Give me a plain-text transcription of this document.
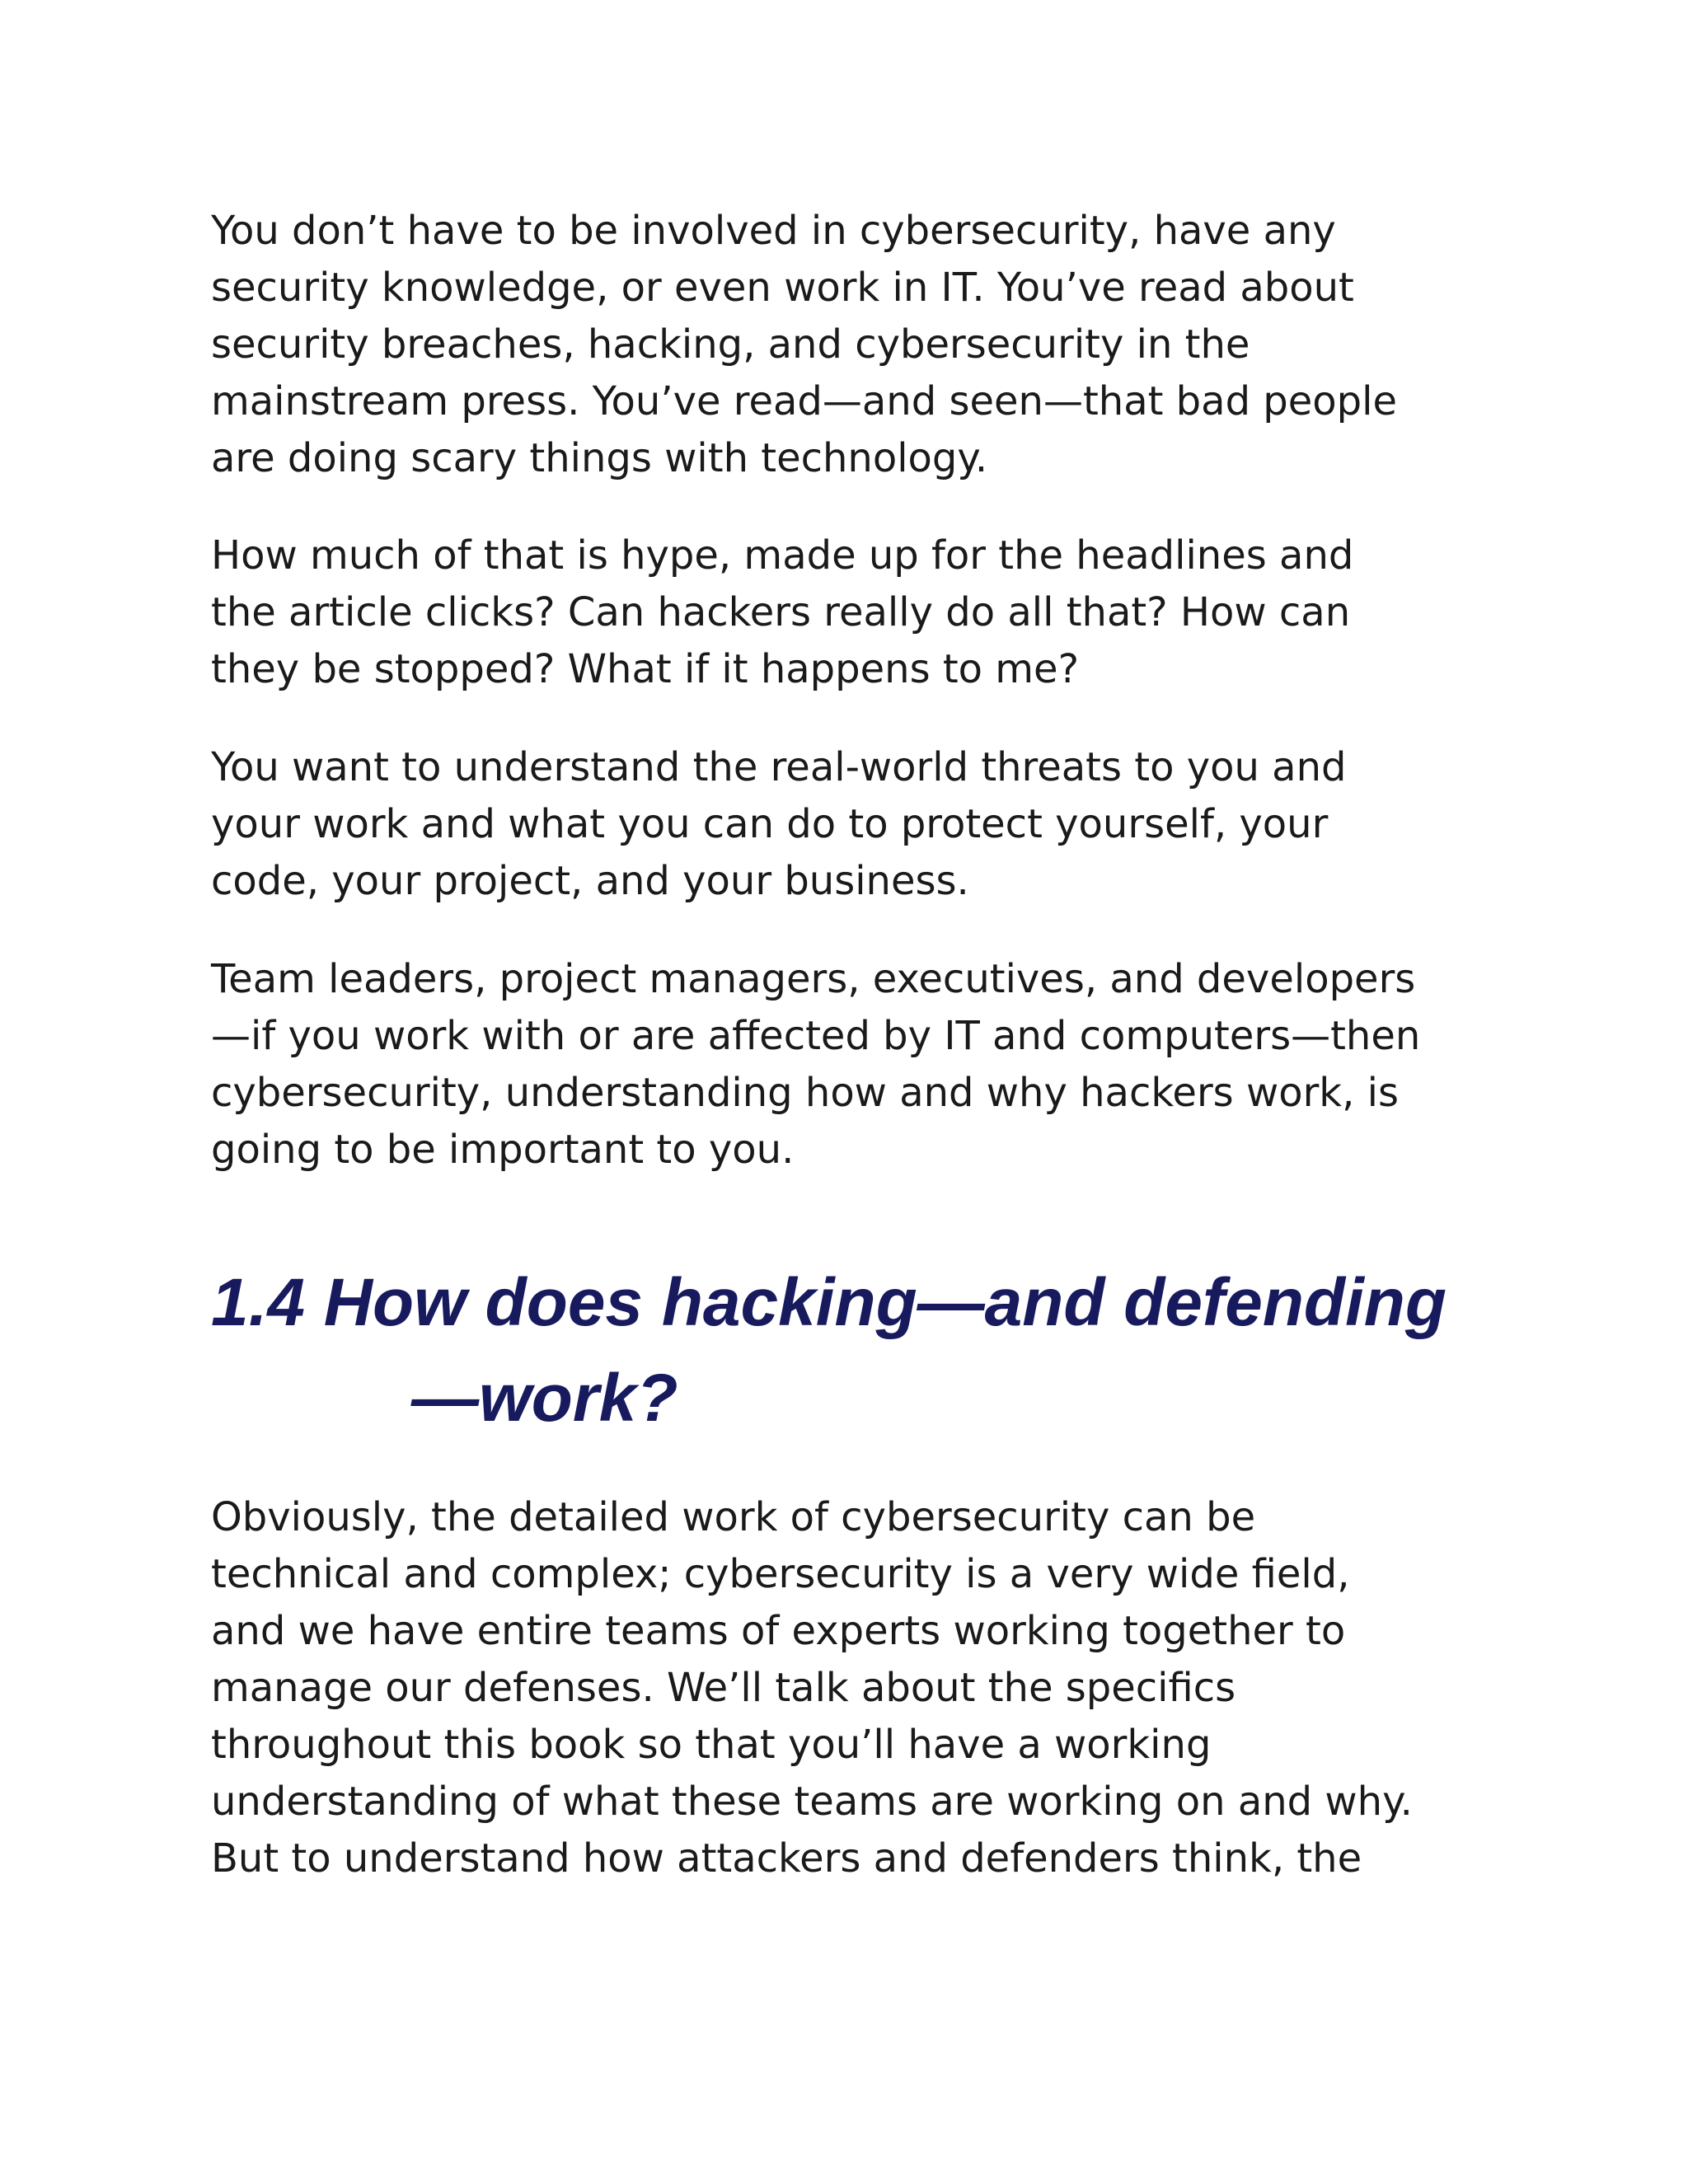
You don’t have to be involved in cybersecurity, have any
security knowledge, or even work in IT. You’ve read about
security breaches, hacking, and cybersecurity in the
mainstream press. You’ve read—and seen—that bad people
are doing scary things with technology.

How much of that is hype, made up for the headlines and
the article clicks? Can hackers really do all that? How can
they be stopped? What if it happens to me?

You want to understand the real-world threats to you and
your work and what you can do to protect yourself, your
code, your project, and your business.

Team leaders, project managers, executives, and developers
—if you work with or are affected by IT and computers—then
cybersecurity, understanding how and why hackers work, is
going to be important to you.

1.4 How does hacking—and defending
—work?

Obviously, the detailed work of cybersecurity can be
technical and complex; cybersecurity is a very wide field,
and we have entire teams of experts working together to
manage our defenses. We’ll talk about the specifics
throughout this book so that you’ll have a working
understanding of what these teams are working on and why.
But to understand how attackers and defenders think, the
